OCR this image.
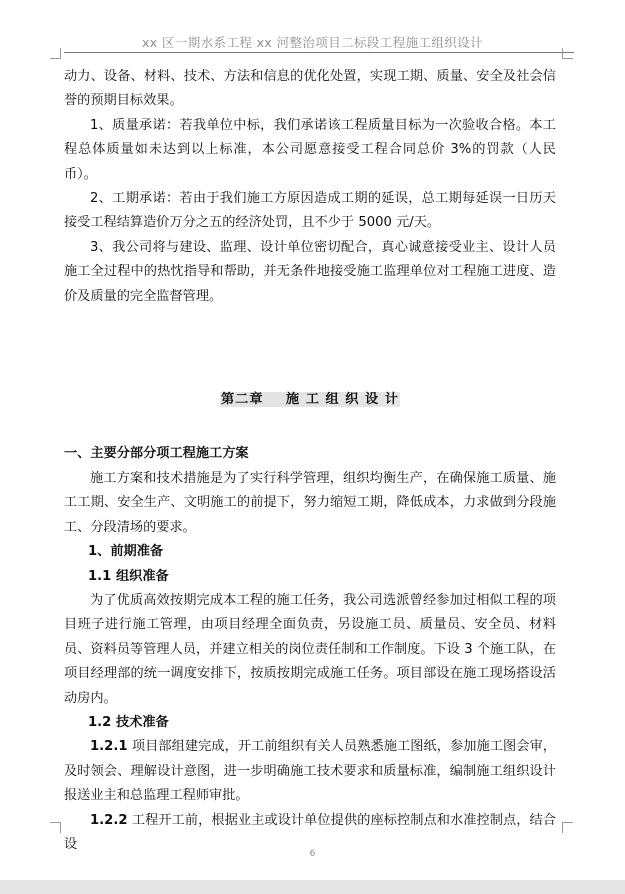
xx 区一期水系工程 xx 河整治项目二标段工程施工组织设计

动力、设备、材料、技术、方法和信息的优化处置，实现工期、质量、安全及社会信誉的预期目标效果。

1、质量承诺：若我单位中标，我们承诺该工程质量目标为一次验收合格。本工程总体质量如未达到以上标准，本公司愿意接受工程合同总价 3%的罚款（人民币）。

2、工期承诺：若由于我们施工方原因造成工期的延误，总工期每延误一日历天接受工程结算造价万分之五的经济处罚，且不少于 5000 元/天。

3、我公司将与建设、监理、设计单位密切配合，真心诚意接受业主、设计人员施工全过程中的热忱指导和帮助，并无条件地接受施工监理单位对工程施工进度、造价及质量的完全监督管理。

第二章    施 工 组 织 设 计

一、主要分部分项工程施工方案

施工方案和技术措施是为了实行科学管理，组织均衡生产，在确保施工质量、施工工期、安全生产、文明施工的前提下，努力缩短工期，降低成本，力求做到分段施工、分段清场的要求。

1、前期准备

1.1 组织准备

为了优质高效按期完成本工程的施工任务，我公司选派曾经参加过相似工程的项目班子进行施工管理，由项目经理全面负责，另设施工员、质量员、安全员、材料员、资料员等管理人员，并建立相关的岗位责任制和工作制度。下设 3 个施工队，在项目经理部的统一调度安排下，按质按期完成施工任务。项目部设在施工现场搭设活动房内。

1.2 技术准备

1.2.1 项目部组建完成，开工前组织有关人员熟悉施工图纸，参加施工图会审，及时领会、理解设计意图，进一步明确施工技术要求和质量标准，编制施工组织设计报送业主和总监理工程师审批。

1.2.2 工程开工前，根据业主或设计单位提供的座标控制点和水准控制点，结合设

6
